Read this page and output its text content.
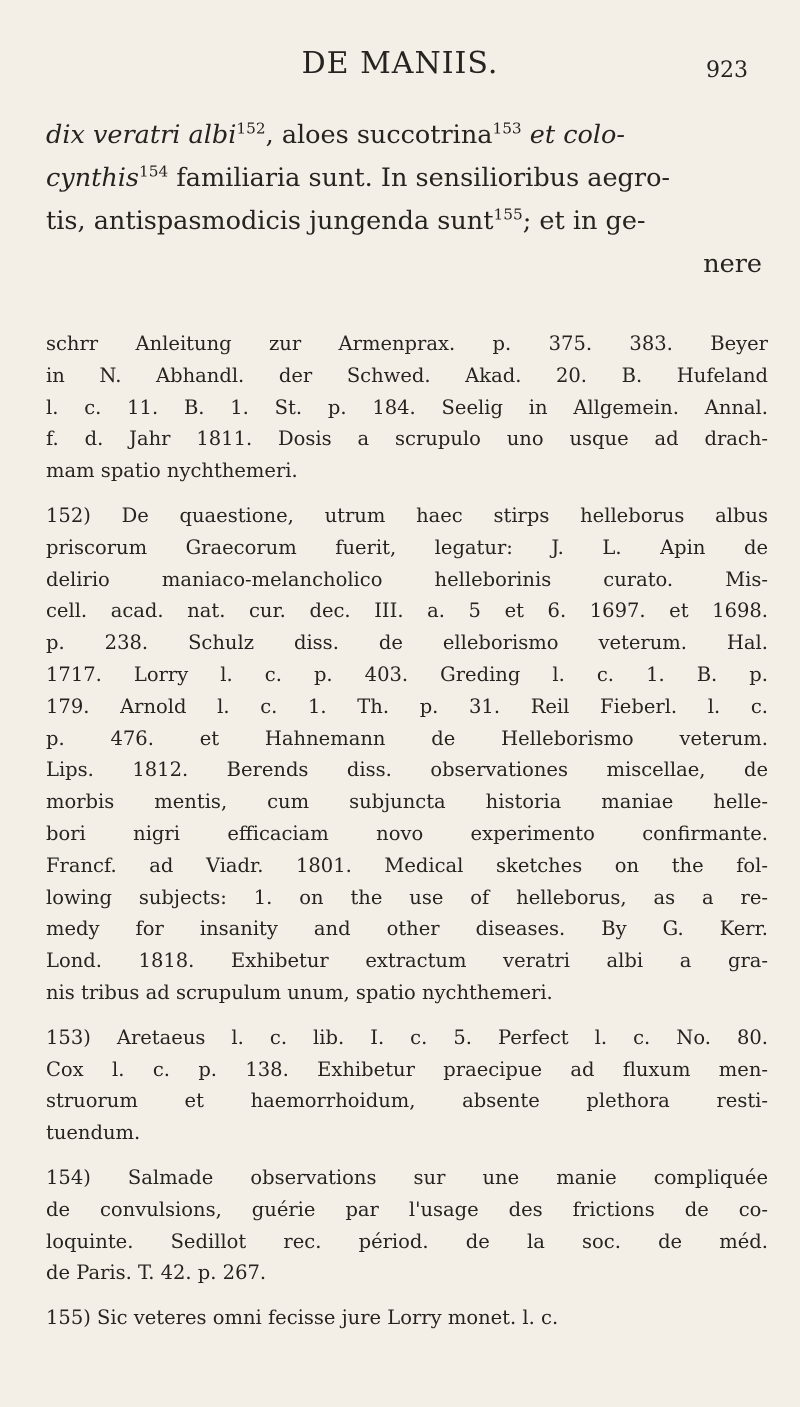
DE MANIIS.	923
dix veratri albi$^{152}$, aloes succotrina$^{153}$ et colo-
cynthis$^{154}$ familiaria sunt. In sensilioribus aegro-
tis, antispasmodicis jungenda sunt$^{155}$; et in ge-
nere
schrr Anleitung zur Armenprax. p. 375. 383. Beyer
in N. Abhandl. der Schwed. Akad. 20. B. Hufeland
l. c. 11. B. 1. St. p. 184. Seelig in Allgemein. Annal.
f. d. Jahr 1811. Dosis a scrupulo uno usque ad drach-
mam spatio nychthemeri.
152) De quaestione, utrum haec stirps helleborus albus
priscorum Graecorum fuerit, legatur: J. L. Apin de
delirio maniaco-melancholico helleborinis curato. Mis-
cell. acad. nat. cur. dec. III. a. 5 et 6. 1697. et 1698.
p. 238. Schulz diss. de elleborismo veterum. Hal.
1717. Lorry l. c. p. 403. Greding l. c. 1. B. p.
179. Arnold l. c. 1. Th. p. 31. Reil Fieberl. l. c.
p. 476. et Hahnemann de Helleborismo veterum.
Lips. 1812. Berends diss. observationes miscellae, de
morbis mentis, cum subjuncta historia maniae helle-
bori nigri efficaciam novo experimento confirmante.
Francf. ad Viadr. 1801. Medical sketches on the fol-
lowing subjects: 1. on the use of helleborus, as a re-
medy for insanity and other diseases. By G. Kerr.
Lond. 1818. Exhibetur extractum veratri albi a gra-
nis tribus ad scrupulum unum, spatio nychthemeri.
153) Aretaeus l. c. lib. I. c. 5. Perfect l. c. No. 80.
Cox l. c. p. 138. Exhibetur praecipue ad fluxum men-
struorum et haemorrhoidum, absente plethora resti-
tuendum.
154) Salmade observations sur une manie compliquée
de convulsions, guérie par l'usage des frictions de co-
loquinte. Sedillot rec. périod. de la soc. de méd.
de Paris. T. 42. p. 267.
155) Sic veteres omni fecisse jure Lorry monet. l. c.
